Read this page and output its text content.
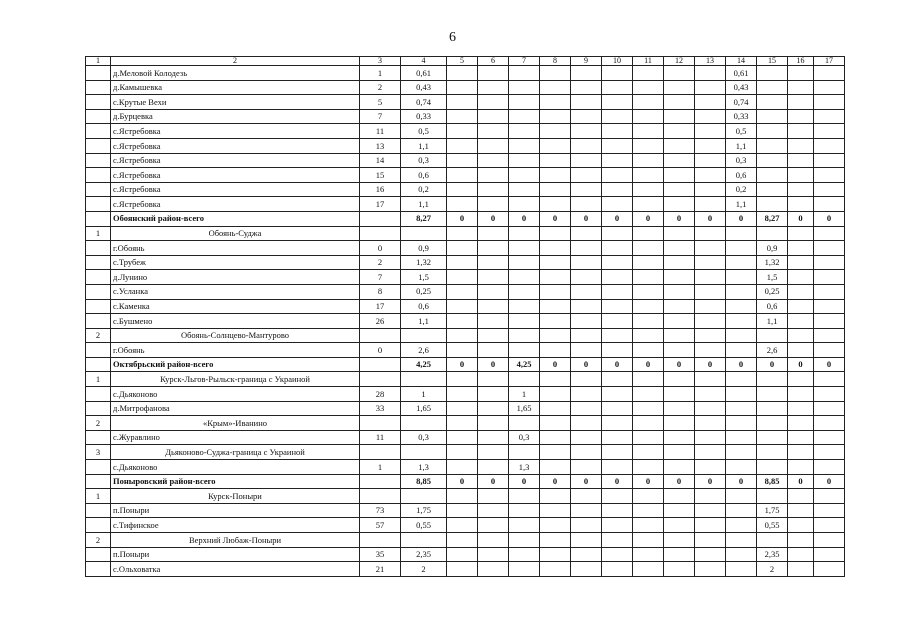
6
1	2	3	4	5	6	7	8	9	10	11	12	13	14	15	16	17
	д.Меловой Колодезь	1	0,61										0,61			
	д.Камышевка	2	0,43										0,43			
	с.Крутые Вехи	5	0,74										0,74			
	д.Бурцевка	7	0,33										0,33			
	с.Ястребовка	11	0,5										0,5			
	с.Ястребовка	13	1,1										1,1			
	с.Ястребовка	14	0,3										0,3			
	с.Ястребовка	15	0,6										0,6			
	с.Ястребовка	16	0,2										0,2			
	с.Ястребовка	17	1,1										1,1			
	Обоянский район-всего		8,27	0	0	0	0	0	0	0	0	0	0	8,27	0	0
1	Обоянь-Суджа															
	г.Обоянь	0	0,9											0,9		
	с.Трубеж	2	1,32											1,32		
	д.Лунино	7	1,5											1,5		
	с.Усланка	8	0,25											0,25		
	с.Каменка	17	0,6											0,6		
	с.Бушмено	26	1,1											1,1		
2	Обоянь-Солнцево-Мантурово															
	г.Обоянь	0	2,6											2,6		
	Октябрьский район-всего		4,25	0	0	4,25	0	0	0	0	0	0	0	0	0	0
1	Курск-Льгов-Рыльск-граница с Украиной															
	с.Дьяконово	28	1			1										
	д.Митрофанова	33	1,65			1,65										
2	«Крым»-Иванино															
	с.Журавлино	11	0,3			0,3										
3	Дьяконово-Суджа-граница с Украиной															
	с.Дьяконово	1	1,3			1,3										
	Поныровский район-всего		8,85	0	0	0	0	0	0	0	0	0	0	8,85	0	0
1	Курск-Поныри															
	п.Поныри	73	1,75											1,75		
	с.Тифинское	57	0,55											0,55		
2	Верхний Любаж-Поныри															
	п.Поныри	35	2,35											2,35		
	с.Ольховатка	21	2											2		
